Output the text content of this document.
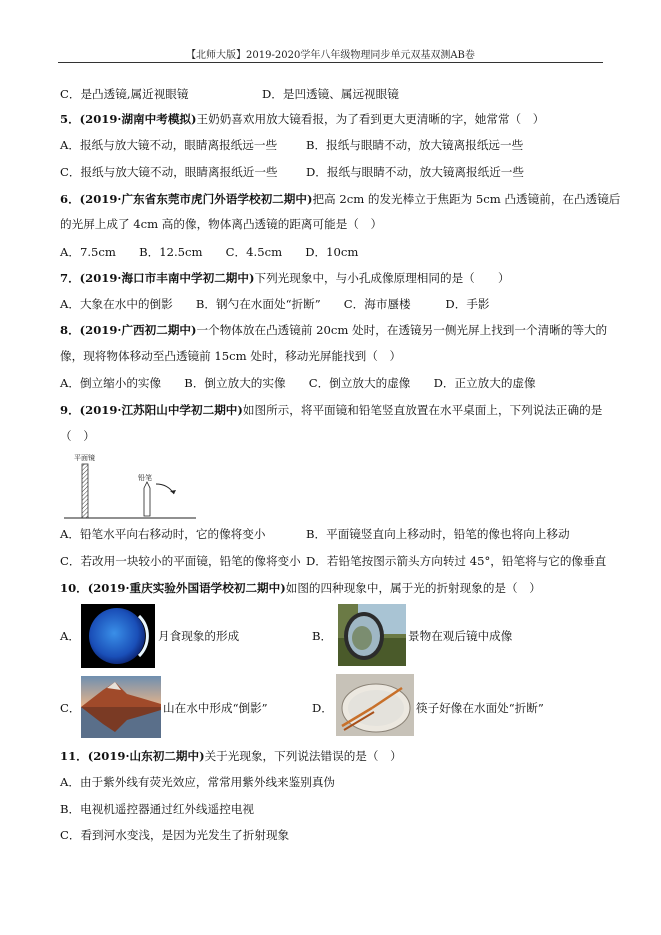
【北师大版】2019-2020学年八年级物理同步单元双基双测AB卷
C．是凸透镜,属近视眼镜	D．是凹透镜、属远视眼镜
5．(2019·湖南中考模拟)王奶奶喜欢用放大镜看报，为了看到更大更清晰的字，她常常（　）
A．报纸与放大镜不动，眼睛离报纸远一些 B．报纸与眼睛不动，放大镜离报纸远一些
C．报纸与放大镜不动，眼睛离报纸近一些 D．报纸与眼睛不动，放大镜离报纸近一些
6．(2019·广东省东莞市虎门外语学校初二期中)把高 2cm 的发光棒立于焦距为 5cm 凸透镜前，在凸透镜后
的光屏上成了 4cm 高的像，物体离凸透镜的距离可能是（　）
A．7.5cm　　B．12.5cm　　C．4.5cm　　D．10cm
7．(2019·海口市丰南中学初二期中)下列光现象中，与小孔成像原理相同的是（　　）
A．大象在水中的倒影　　B．钢勺在水面处“折断”　　C．海市蜃楼　　　D．手影
8．(2019·广西初二期中)一个物体放在凸透镜前 20cm 处时，在透镜另一侧光屏上找到一个清晰的等大的
像，现将物体移动至凸透镜前 15cm 处时，移动光屏能找到（　）
A．倒立缩小的实像　　B．倒立放大的实像　　C．倒立放大的虚像　　D．正立放大的虚像
9．(2019·江苏阳山中学初二期中)如图所示，将平面镜和铅笔竖直放置在水平桌面上，下列说法正确的是
（　）
平面镜
铅笔
A．铅笔水平向右移动时，它的像将变小	B．平面镜竖直向上移动时，铅笔的像也将向上移动
C．若改用一块较小的平面镜，铅笔的像将变小 D．若铅笔按图示箭头方向转过 45°，铅笔将与它的像垂直
10．(2019·重庆实验外国语学校初二期中)如图的四种现象中，属于光的折射现象的是（　）
A．	月食现象的形成	B．	景物在观后镜中成像
C．	山在水中形成“倒影”	D．	筷子好像在水面处“折断”
11．(2019·山东初二期中)关于光现象，下列说法错误的是（　）
A．由于紫外线有荧光效应，常常用紫外线来鉴别真伪
B．电视机遥控器通过红外线遥控电视
C．看到河水变浅，是因为光发生了折射现象
